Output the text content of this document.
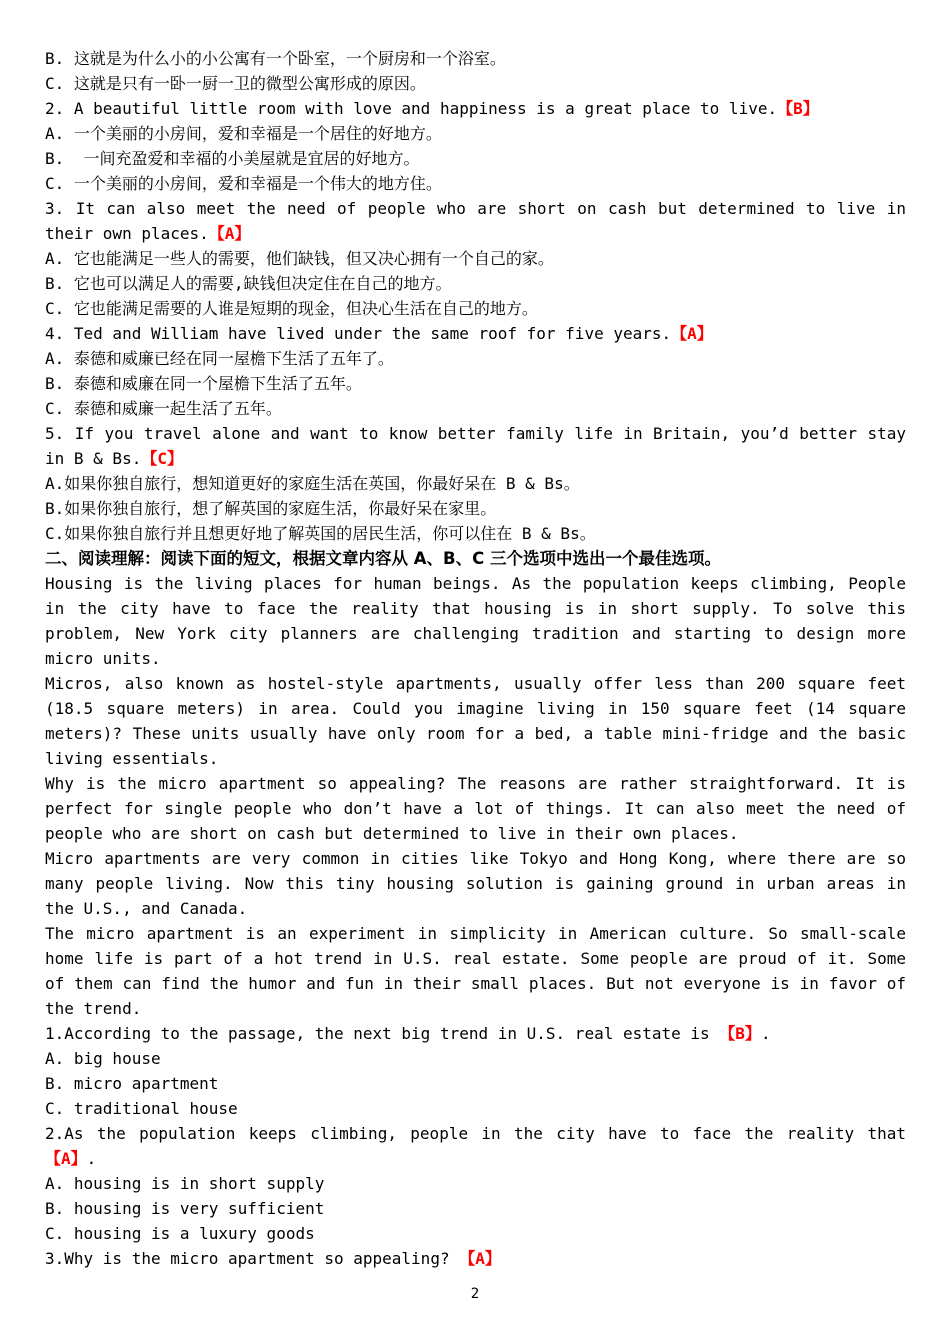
B. 这就是为什么小的小公寓有一个卧室，一个厨房和一个浴室。

C. 这就是只有一卧一厨一卫的微型公寓形成的原因。

2. A beautiful little room with love and happiness is a great place to live.【B】

A. 一个美丽的小房间，爱和幸福是一个居住的好地方。

B.  一间充盈爱和幸福的小美屋就是宜居的好地方。

C. 一个美丽的小房间，爱和幸福是一个伟大的地方住。

3. It can also meet the need of people who are short on cash but determined to live in their own places.【A】

A. 它也能满足一些人的需要，他们缺钱，但又决心拥有一个自己的家。

B. 它也可以满足人的需要,缺钱但决定住在自己的地方。

C. 它也能满足需要的人谁是短期的现金，但决心生活在自己的地方。

4. Ted and William have lived under the same roof for five years.【A】

A. 泰德和威廉已经在同一屋檐下生活了五年了。

B. 泰德和威廉在同一个屋檐下生活了五年。

C. 泰德和威廉一起生活了五年。

5. If you travel alone and want to know better family life in Britain, you’d better stay in B & Bs.【C】

A.如果你独自旅行，想知道更好的家庭生活在英国，你最好呆在 B & Bs。

B.如果你独自旅行，想了解英国的家庭生活，你最好呆在家里。

C.如果你独自旅行并且想更好地了解英国的居民生活，你可以住在 B & Bs。

二、阅读理解：阅读下面的短文，根据文章内容从 A、B、C 三个选项中选出一个最佳选项。

Housing is the living places for human beings. As the population keeps climbing, People in the city have to face the reality that housing is in short supply. To solve this problem, New York city planners are challenging tradition and starting to design more micro units.

Micros, also known as hostel-style apartments, usually offer less than 200 square feet (18.5 square meters) in area. Could you imagine living in 150 square feet (14 square meters)? These units usually have only room for a bed, a table mini-fridge and the basic living essentials.

Why is the micro apartment so appealing? The reasons are rather straightforward. It is perfect for single people who don’t have a lot of things. It can also meet the need of people who are short on cash but determined to live in their own places.

Micro apartments are very common in cities like Tokyo and Hong Kong, where there are so many people living. Now this tiny housing solution is gaining ground in urban areas in the U.S., and Canada.

The micro apartment is an experiment in simplicity in American culture. So small-scale home life is part of a hot trend in U.S. real estate. Some people are proud of it. Some of them can find the humor and fun in their small places. But not everyone is in favor of the trend.

1.According to the passage, the next big trend in U.S. real estate is 【B】.

A. big house

B. micro apartment

C. traditional house

2.As the population keeps climbing, people in the city have to face the reality that 【A】.

A. housing is in short supply

B. housing is very sufficient

C. housing is a luxury goods

3.Why is the micro apartment so appealing? 【A】

2
